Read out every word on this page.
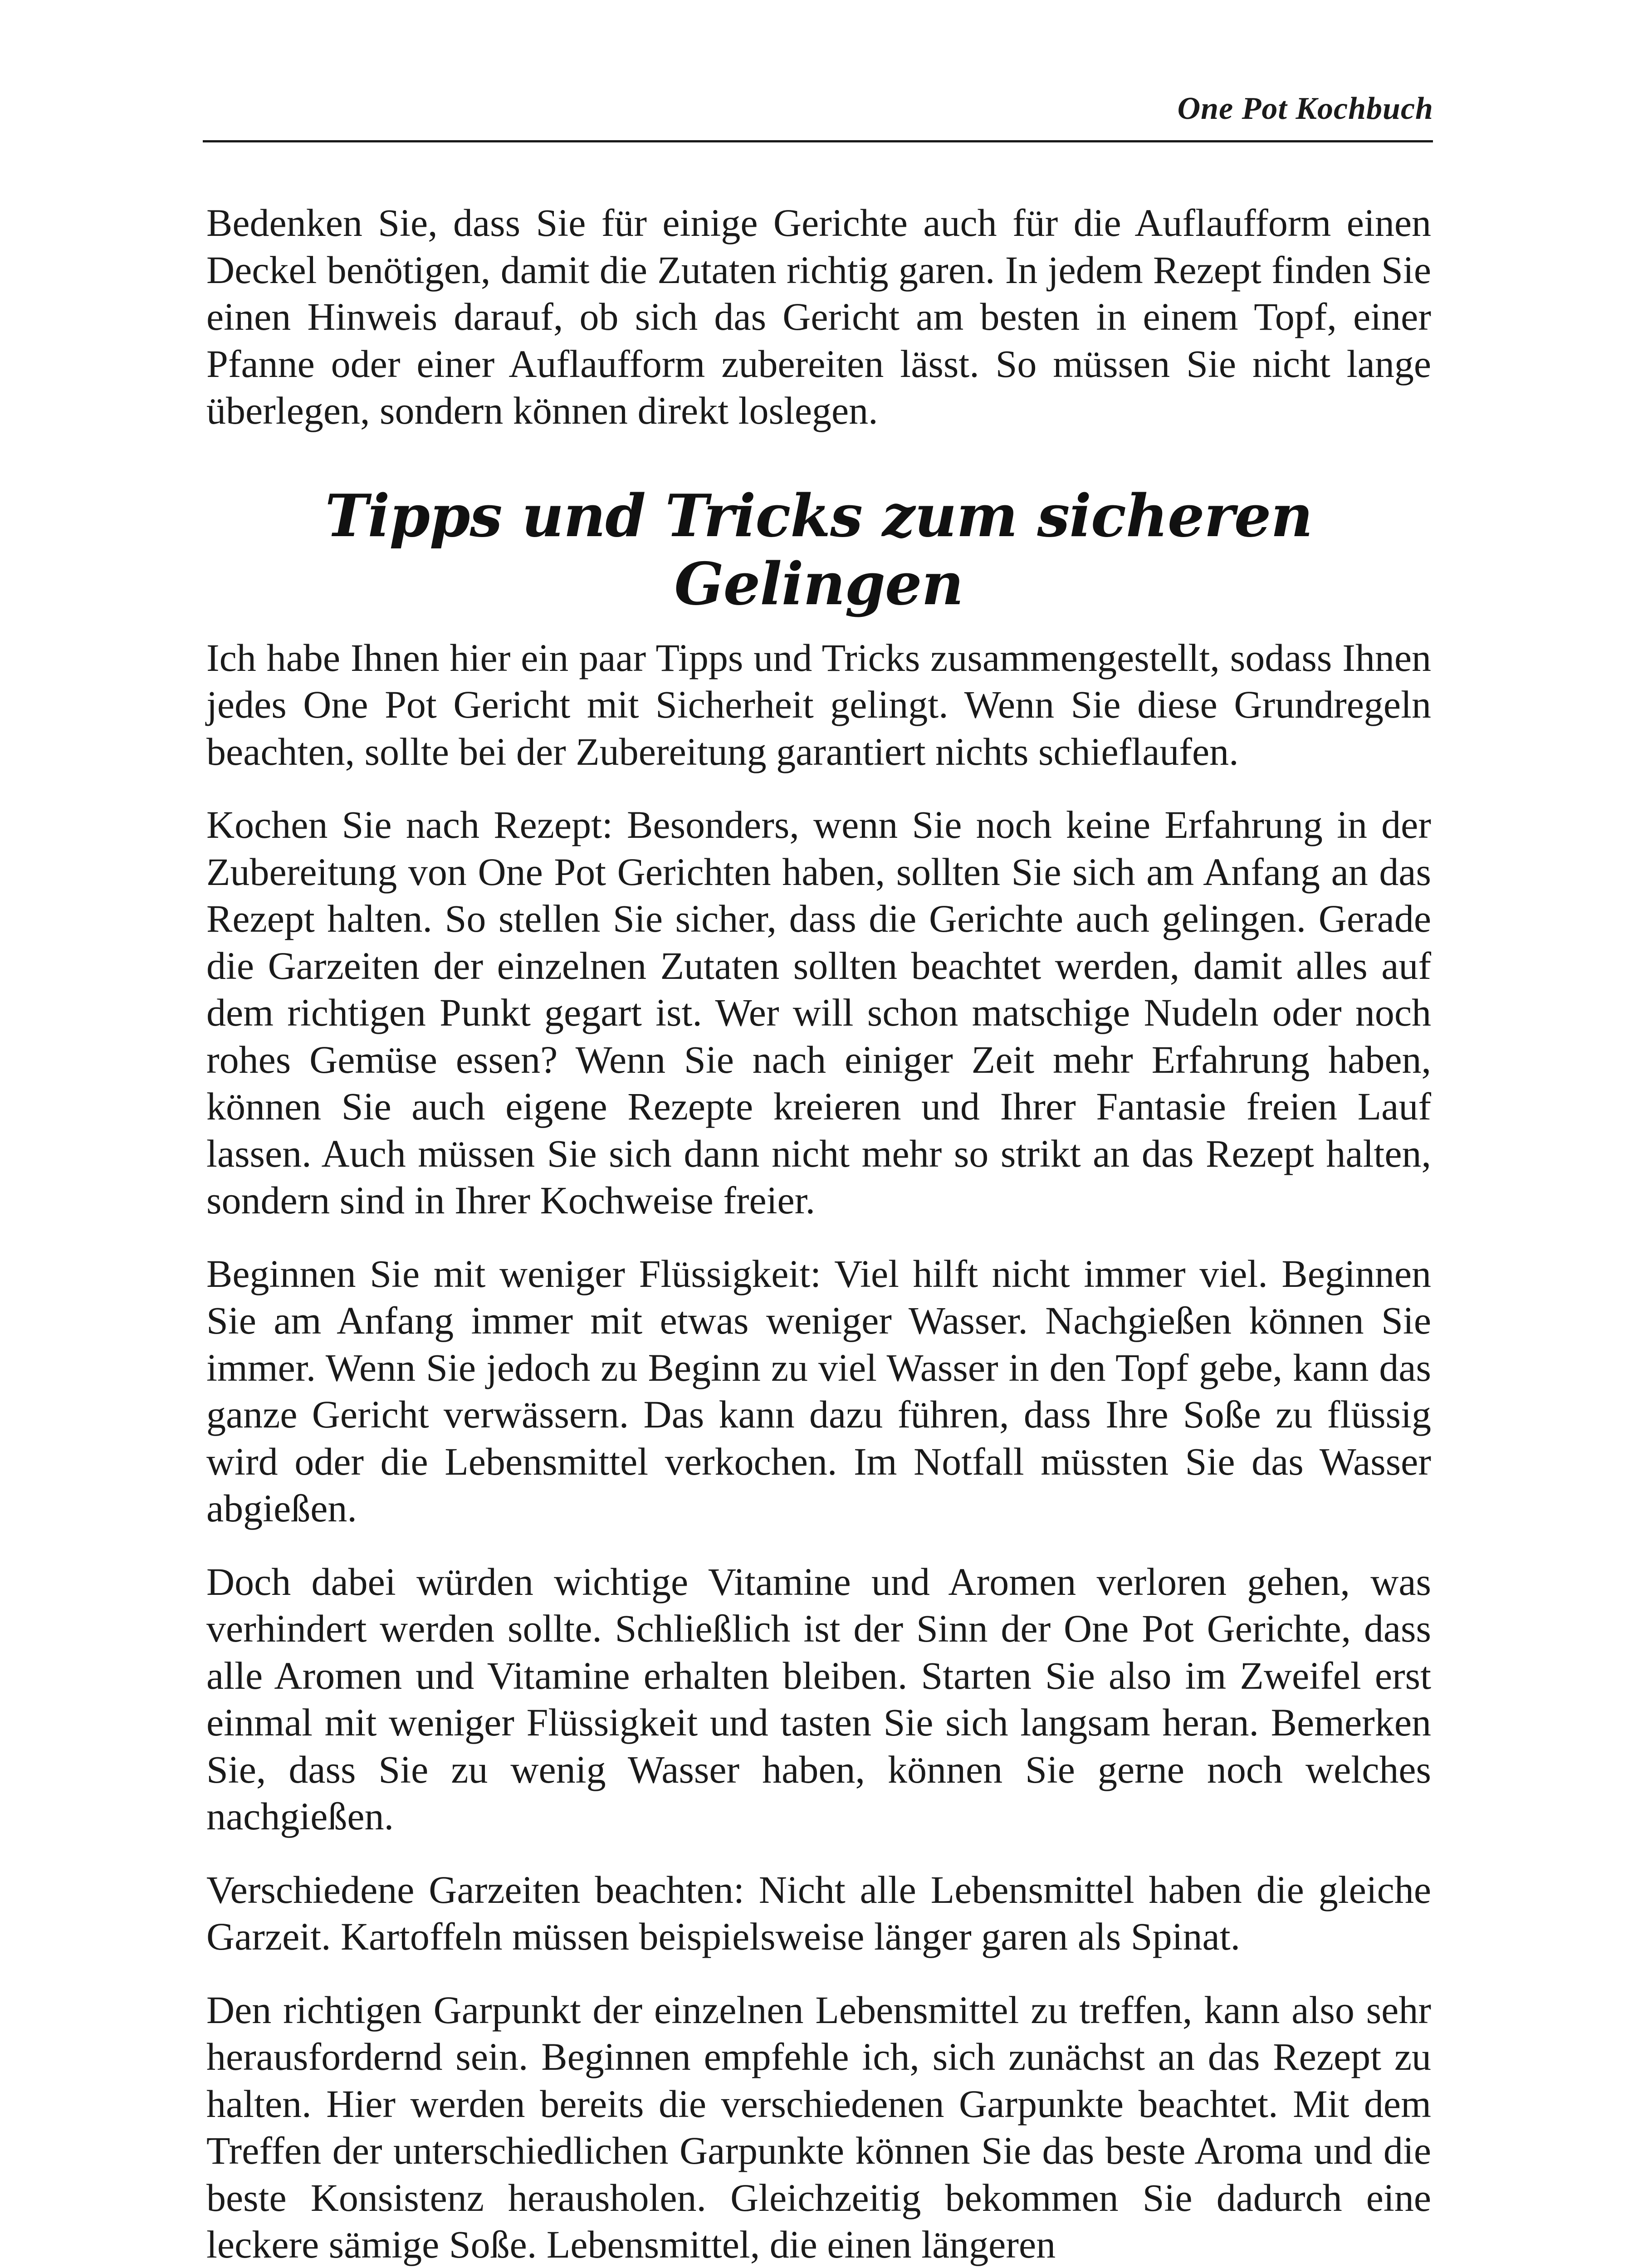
One Pot Kochbuch

Bedenken Sie, dass Sie für einige Gerichte auch für die Auflaufform einen Deckel benötigen, damit die Zutaten richtig garen. In jedem Rezept finden Sie einen Hinweis darauf, ob sich das Gericht am besten in einem Topf, einer Pfanne oder einer Auflaufform zubereiten lässt. So müssen Sie nicht lange überlegen, sondern können direkt loslegen.

Tipps und Tricks zum sicheren Gelingen

Ich habe Ihnen hier ein paar Tipps und Tricks zusammengestellt, sodass Ihnen jedes One Pot Gericht mit Sicherheit gelingt. Wenn Sie diese Grundregeln beachten, sollte bei der Zubereitung garantiert nichts schieflaufen.

Kochen Sie nach Rezept: Besonders, wenn Sie noch keine Erfahrung in der Zubereitung von One Pot Gerichten haben, sollten Sie sich am Anfang an das Rezept halten. So stellen Sie sicher, dass die Gerichte auch gelingen. Gerade die Garzeiten der einzelnen Zutaten sollten beachtet werden, damit alles auf dem richtigen Punkt gegart ist. Wer will schon matschige Nudeln oder noch rohes Gemüse essen? Wenn Sie nach einiger Zeit mehr Erfahrung haben, können Sie auch eigene Rezepte kreieren und Ihrer Fantasie freien Lauf lassen. Auch müssen Sie sich dann nicht mehr so strikt an das Rezept halten, sondern sind in Ihrer Kochweise freier.

Beginnen Sie mit weniger Flüssigkeit: Viel hilft nicht immer viel. Beginnen Sie am Anfang immer mit etwas weniger Wasser. Nachgießen können Sie immer. Wenn Sie jedoch zu Beginn zu viel Wasser in den Topf gebe, kann das ganze Gericht verwässern. Das kann dazu führen, dass Ihre Soße zu flüssig wird oder die Lebensmittel verkochen. Im Notfall müssten Sie das Wasser abgießen.

Doch dabei würden wichtige Vitamine und Aromen verloren gehen, was verhindert werden sollte. Schließlich ist der Sinn der One Pot Gerichte, dass alle Aromen und Vitamine erhalten bleiben. Starten Sie also im Zweifel erst einmal mit weniger Flüssigkeit und tasten Sie sich langsam heran. Bemerken Sie, dass Sie zu wenig Wasser haben, können Sie gerne noch welches nachgießen.

Verschiedene Garzeiten beachten: Nicht alle Lebensmittel haben die gleiche Garzeit. Kartoffeln müssen beispielsweise länger garen als Spinat.

Den richtigen Garpunkt der einzelnen Lebensmittel zu treffen, kann also sehr herausfordernd sein. Beginnen empfehle ich, sich zunächst an das Rezept zu halten. Hier werden bereits die verschiedenen Garpunkte beachtet. Mit dem Treffen der unterschiedlichen Garpunkte können Sie das beste Aroma und die beste Konsistenz herausholen. Gleichzeitig bekommen Sie dadurch eine leckere sämige Soße. Lebensmittel, die einen längeren
